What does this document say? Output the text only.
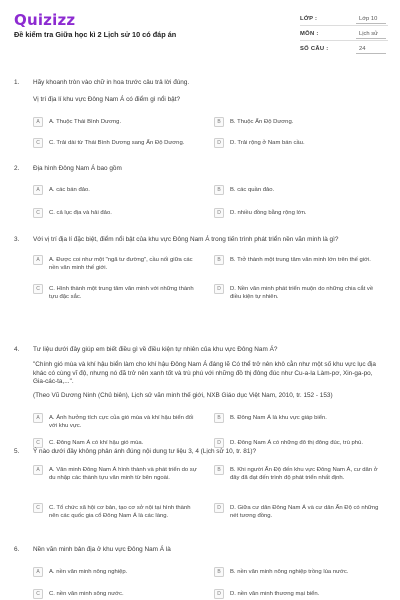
Quizizz
Đề kiểm tra Giữa học kì 2 Lịch sử 10 có đáp án
LỚP :	Lớp 10
MÔN :	Lịch sử
SỐ CÂU :	24
1. Hãy khoanh tròn vào chữ in hoa trước câu trả lời đúng.
Vị trí địa lí khu vực Đông Nam Á có điểm gì nổi bật?
A	A. Thuộc Thái Bình Dương.	B	B. Thuộc Ấn Độ Dương.
C	C. Trải dài từ Thái Bình Dương sang Ấn Độ Dương.	D	D. Trải rộng ở Nam bán cầu.
2. Địa hình Đông Nam Á bao gồm
A	A. các bán đảo.	B	B. các quần đảo.
C	C. cả lục địa và hải đảo.	D	D. nhiều đồng bằng rộng lớn.
3. Với vị trí địa lí đặc biệt, điểm nổi bật của khu vực Đông Nam Á trong tiến trình phát triển nền văn minh là gì?
A	A. Được coi như một "ngã tư đường", cầu nối giữa các nền văn minh thế giới.
B	B. Trở thành một trung tâm văn minh lớn trên thế giới.
C	C. Hình thành một trung tâm văn minh với những thành tựu đặc sắc.
D	D. Nền văn minh phát triển muộn do những chia cắt về điều kiện tự nhiên.
4. Tư liệu dưới đây giúp em biết điều gì về điều kiện tự nhiên của khu vực Đông Nam Á?
"Chính gió mùa và khí hậu biển làm cho khí hậu Đông Nam Á đáng lẽ Có thể trở nên khô cằn như một số khu vực lục địa khác có cùng vĩ độ, nhưng nó đã trở nên xanh tốt và trù phú với những đồ thị đông đúc như Cu-a-la Làm-pơ, Xin-ga-po, Gia-các-ta,...".
(Theo Vũ Dương Ninh (Chủ biên), Lịch sử văn minh thế giới, NXB Giáo dục Việt Nam, 2010, tr. 152 - 153)
A	A. Ảnh hưởng tích cực của gió mùa và khí hậu biển đối với khu vực.
B	B. Đông Nam Á là khu vực giáp biển.
C	C. Đông Nam Á có khí hậu gió mùa.	D	D. Đông Nam Á có những đô thị đông đúc, trù phú.
5. Ý nào dưới đây không phản ánh đúng nội dung tư liệu 3, 4 (Lịch sử 10, tr. 81)?
A	A. Văn minh Đông Nam Á hình thành và phát triển do sự du nhập các thành tựu văn minh từ bên ngoài.
B	B. Khi người Ấn Độ đến khu vực Đông Nam Á, cư dân ở đây đã đạt đến trình độ phát triển nhất định.
C	C. Tổ chức xã hội cơ bản, tạo cơ sở nội tại hình thành nên các quốc gia cổ Đông Nam Á là các làng.
D	D. Giữa cư dân Đông Nam Á và cư dân Ấn Độ có những nét tương đồng.
6. Nền văn minh bản địa ở khu vực Đông Nam Á là
A	A. nền văn minh nông nghiệp.	B	B. nền văn minh nông nghiệp trồng lúa nước.
C	C. nền văn minh sông nước.	D	D. nền văn minh thương mại biển.
